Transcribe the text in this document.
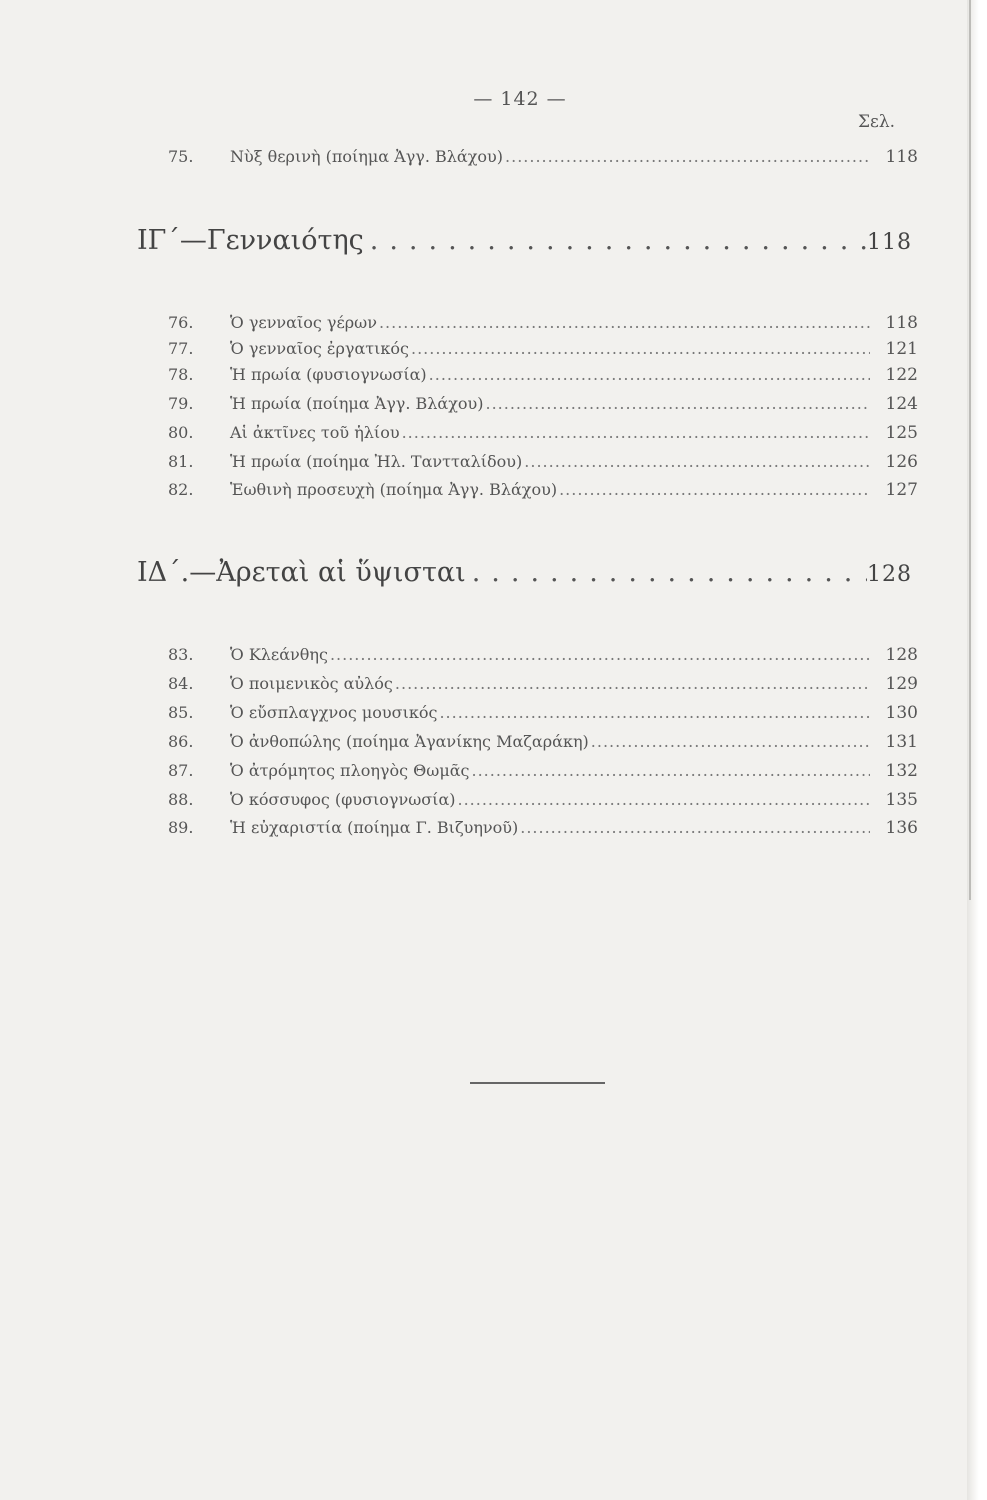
— 142 —
Σελ.
75.	Νὺξ θερινὴ (ποίημα Ἀγγ. Βλάχου) .....	118
ΙΓ΄—Γενναιότης .....	118
76.	Ὁ γενναῖος γέρων .....	118
77.	Ὁ γενναῖος ἐργατικός .....	121
78.	Ἡ πρωία (φυσιογνωσία) .....	122
79.	Ἡ πρωία (ποίημα Ἀγγ. Βλάχου) .....	124
80.	Αἱ ἀκτῖνες τοῦ ἡλίου .....	125
81.	Ἡ πρωία (ποίημα Ἠλ. Ταντταλίδου) .....	126
82.	Ἑωθινὴ προσευχὴ (ποίημα Ἀγγ. Βλάχου) .....	127
ΙΔ΄.—Ἀρεταὶ αἱ ὕψισται .....	128
83.	Ὁ Κλεάνθης .....	128
84.	Ὁ ποιμενικὸς αὐλός .....	129
85.	Ὁ εὔσπλαγχνος μουσικός .....	130
86.	Ὁ ἀνθοπώλης (ποίημα Ἀγανίκης Μαζαράκη) .....	131
87.	Ὁ ἀτρόμητος πλοηγὸς Θωμᾶς .....	132
88.	Ὁ κόσσυφος (φυσιογνωσία) .....	135
89.	Ἡ εὐχαριστία (ποίημα Γ. Βιζυηνοῦ) .....	136
